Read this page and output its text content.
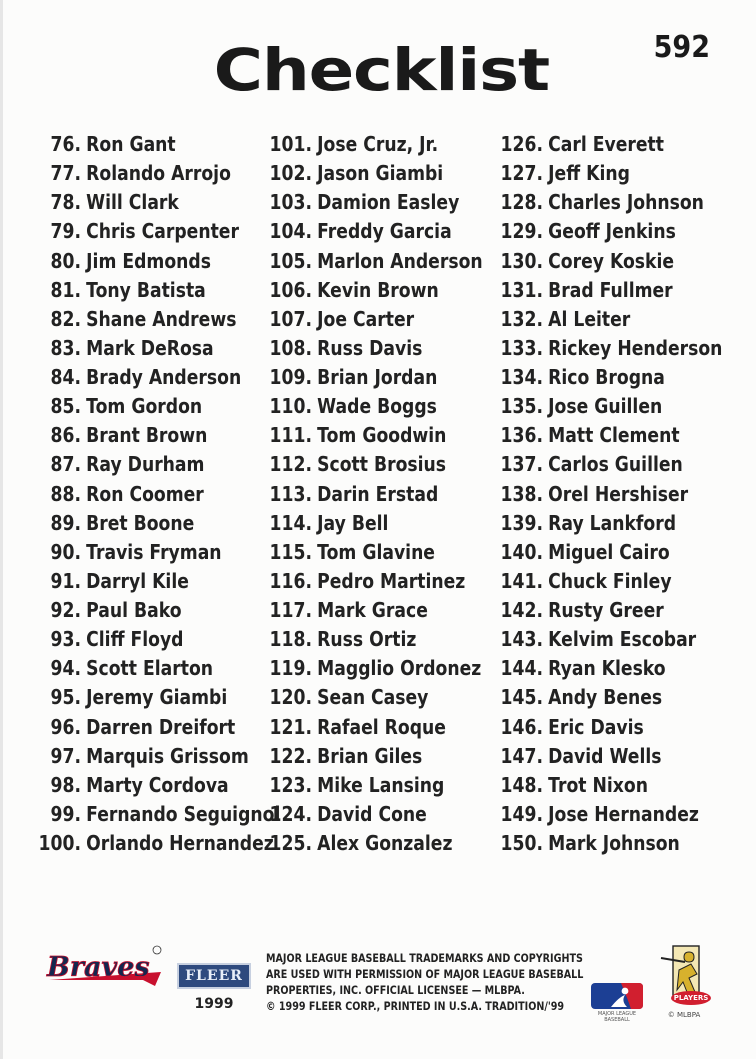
Checklist	592
76. Ron Gant
77. Rolando Arrojo
78. Will Clark
79. Chris Carpenter
80. Jim Edmonds
81. Tony Batista
82. Shane Andrews
83. Mark DeRosa
84. Brady Anderson
85. Tom Gordon
86. Brant Brown
87. Ray Durham
88. Ron Coomer
89. Bret Boone
90. Travis Fryman
91. Darryl Kile
92. Paul Bako
93. Cliff Floyd
94. Scott Elarton
95. Jeremy Giambi
96. Darren Dreifort
97. Marquis Grissom
98. Marty Cordova
99. Fernando Seguignol
100. Orlando Hernandez
101. Jose Cruz, Jr.
102. Jason Giambi
103. Damion Easley
104. Freddy Garcia
105. Marlon Anderson
106. Kevin Brown
107. Joe Carter
108. Russ Davis
109. Brian Jordan
110. Wade Boggs
111. Tom Goodwin
112. Scott Brosius
113. Darin Erstad
114. Jay Bell
115. Tom Glavine
116. Pedro Martinez
117. Mark Grace
118. Russ Ortiz
119. Magglio Ordonez
120. Sean Casey
121. Rafael Roque
122. Brian Giles
123. Mike Lansing
124. David Cone
125. Alex Gonzalez
126. Carl Everett
127. Jeff King
128. Charles Johnson
129. Geoff Jenkins
130. Corey Koskie
131. Brad Fullmer
132. Al Leiter
133. Rickey Henderson
134. Rico Brogna
135. Jose Guillen
136. Matt Clement
137. Carlos Guillen
138. Orel Hershiser
139. Ray Lankford
140. Miguel Cairo
141. Chuck Finley
142. Rusty Greer
143. Kelvim Escobar
144. Ryan Klesko
145. Andy Benes
146. Eric Davis
147. David Wells
148. Trot Nixon
149. Jose Hernandez
150. Mark Johnson
Braves	FLEER
1999
MAJOR LEAGUE BASEBALL TRADEMARKS AND COPYRIGHTS
ARE USED WITH PERMISSION OF MAJOR LEAGUE BASEBALL
PROPERTIES, INC. OFFICIAL LICENSEE — MLBPA.
© 1999 FLEER CORP., PRINTED IN U.S.A. TRADITION/'99
MAJOR LEAGUE BASEBALL
PLAYERS
© MLBPA
